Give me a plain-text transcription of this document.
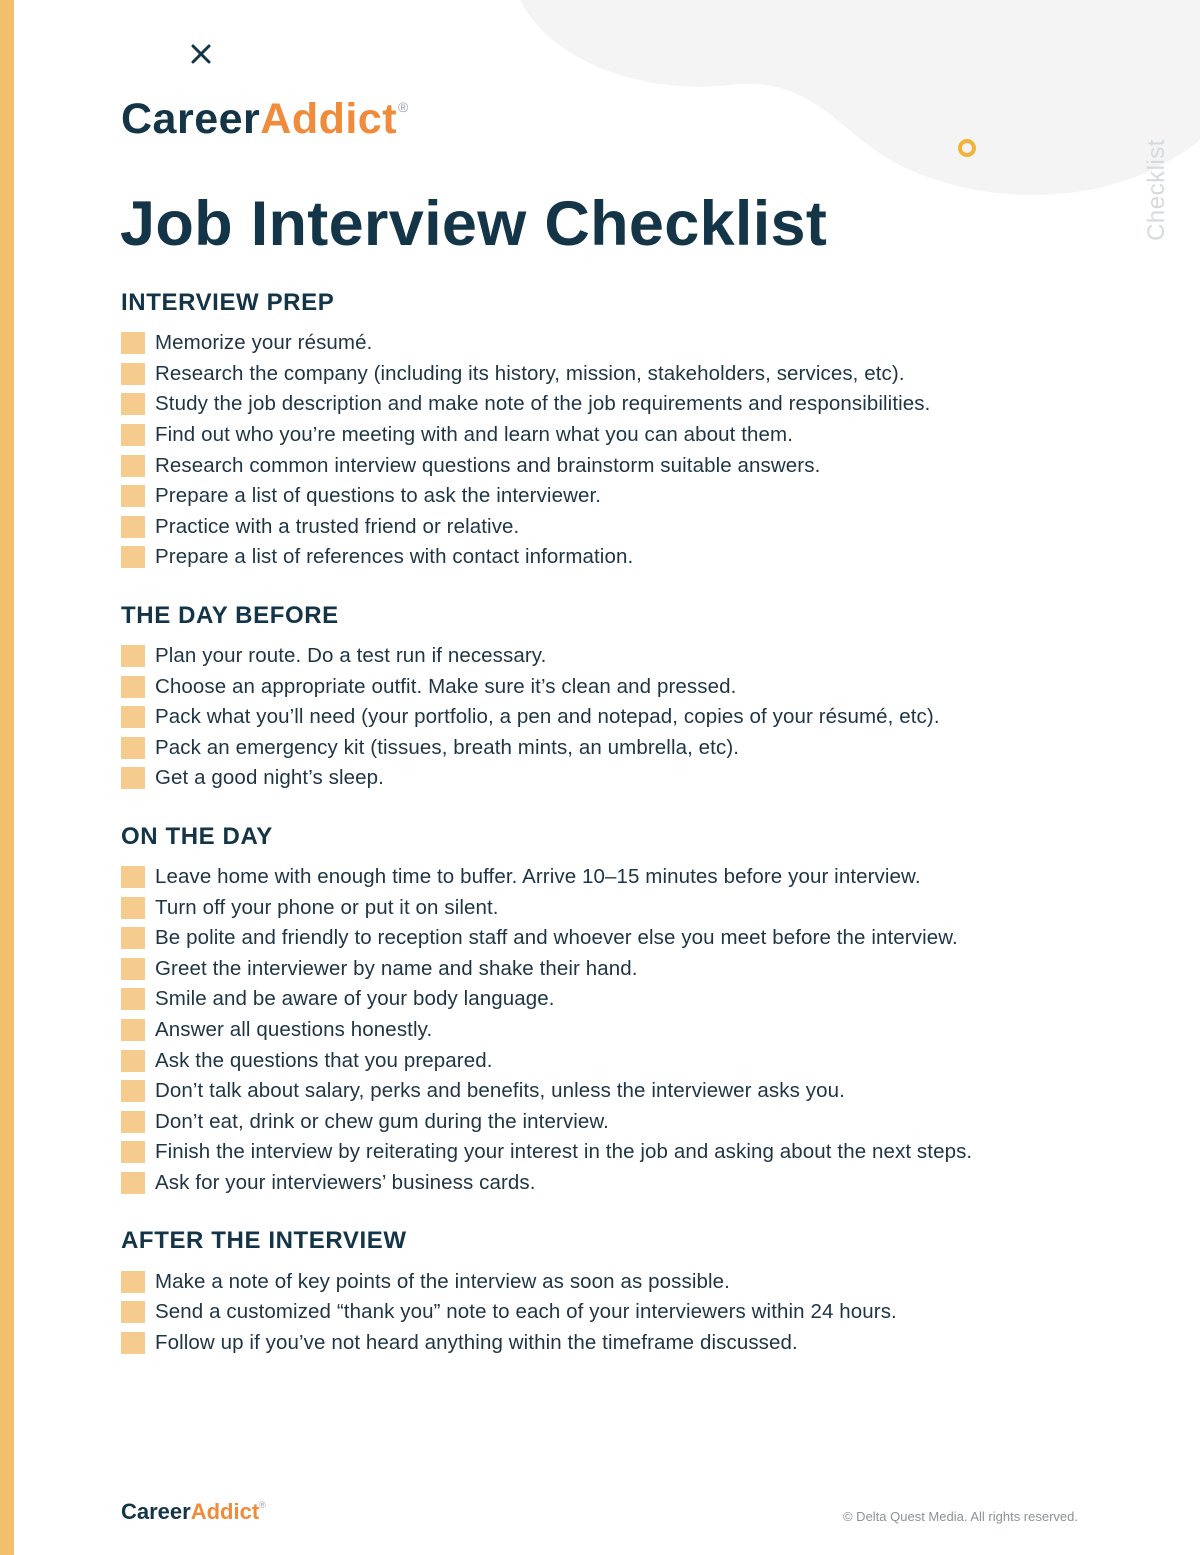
CareerAddict®
Checklist
Job Interview Checklist
INTERVIEW PREP
Memorize your résumé.
Research the company (including its history, mission, stakeholders, services, etc).
Study the job description and make note of the job requirements and responsibilities.
Find out who you’re meeting with and learn what you can about them.
Research common interview questions and brainstorm suitable answers.
Prepare a list of questions to ask the interviewer.
Practice with a trusted friend or relative.
Prepare a list of references with contact information.
THE DAY BEFORE
Plan your route. Do a test run if necessary.
Choose an appropriate outfit. Make sure it’s clean and pressed.
Pack what you’ll need (your portfolio, a pen and notepad, copies of your résumé, etc).
Pack an emergency kit (tissues, breath mints, an umbrella, etc).
Get a good night’s sleep.
ON THE DAY
Leave home with enough time to buffer. Arrive 10–15 minutes before your interview.
Turn off your phone or put it on silent.
Be polite and friendly to reception staff and whoever else you meet before the interview.
Greet the interviewer by name and shake their hand.
Smile and be aware of your body language.
Answer all questions honestly.
Ask the questions that you prepared.
Don’t talk about salary, perks and benefits, unless the interviewer asks you.
Don’t eat, drink or chew gum during the interview.
Finish the interview by reiterating your interest in the job and asking about the next steps.
Ask for your interviewers’ business cards.
AFTER THE INTERVIEW
Make a note of key points of the interview as soon as possible.
Send a customized “thank you” note to each of your interviewers within 24 hours.
Follow up if you’ve not heard anything within the timeframe discussed.
CareerAddict®
© Delta Quest Media. All rights reserved.
